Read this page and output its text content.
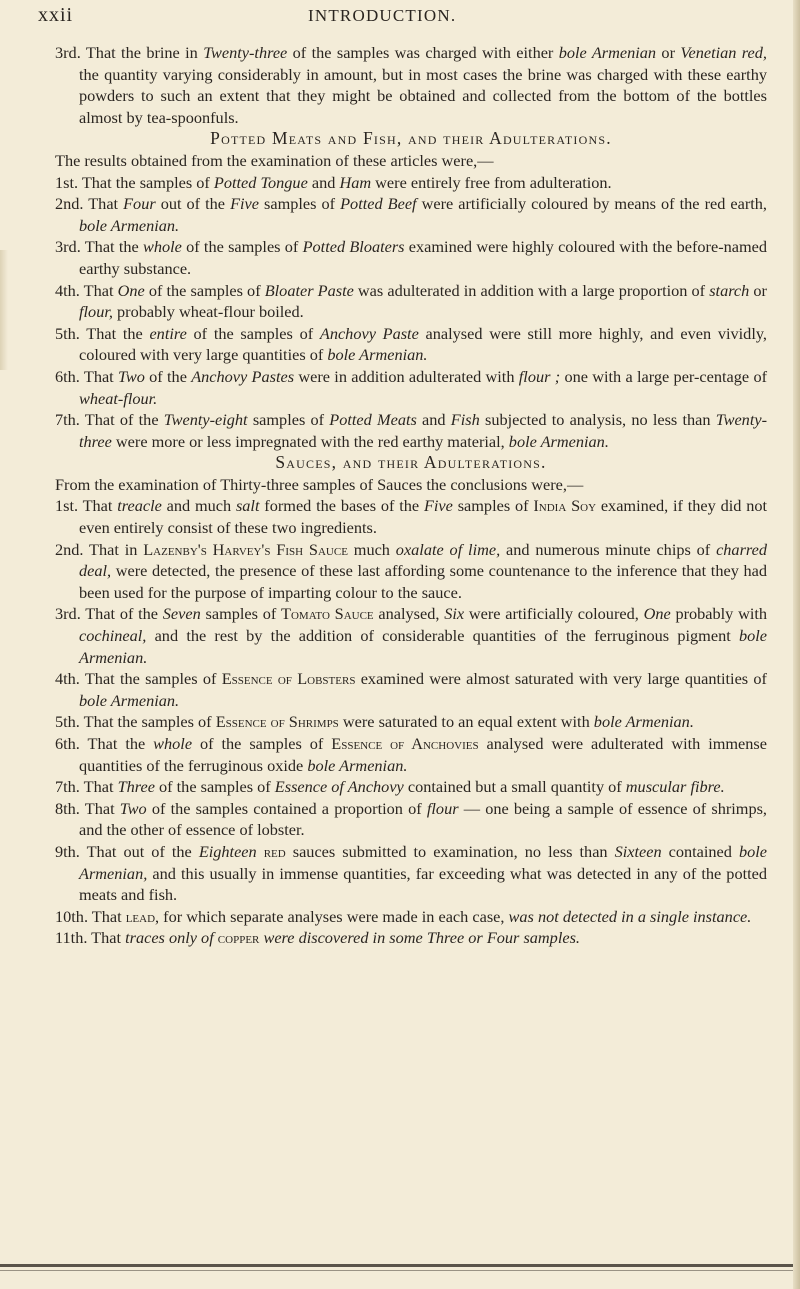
xxii	INTRODUCTION.

3rd. That the brine in Twenty-three of the samples was charged with either bole Armenian or Venetian red, the quantity varying considerably in amount, but in most cases the brine was charged with these earthy powders to such an extent that they might be obtained and collected from the bottom of the bottles almost by tea-spoonfuls.

Potted Meats and Fish, and their Adulterations.

The results obtained from the examination of these articles were,—

1st. That the samples of Potted Tongue and Ham were entirely free from adulteration.

2nd. That Four out of the Five samples of Potted Beef were artificially coloured by means of the red earth, bole Armenian.

3rd. That the whole of the samples of Potted Bloaters examined were highly coloured with the before-named earthy substance.

4th. That One of the samples of Bloater Paste was adulterated in addition with a large proportion of starch or flour, probably wheat-flour boiled.

5th. That the entire of the samples of Anchovy Paste analysed were still more highly, and even vividly, coloured with very large quantities of bole Armenian.

6th. That Two of the Anchovy Pastes were in addition adulterated with flour ; one with a large per-centage of wheat-flour.

7th. That of the Twenty-eight samples of Potted Meats and Fish subjected to analysis, no less than Twenty-three were more or less impregnated with the red earthy material, bole Armenian.

Sauces, and their Adulterations.

From the examination of Thirty-three samples of Sauces the conclusions were,—

1st. That treacle and much salt formed the bases of the Five samples of India Soy examined, if they did not even entirely consist of these two ingredients.

2nd. That in Lazenby's Harvey's Fish Sauce much oxalate of lime, and numerous minute chips of charred deal, were detected, the presence of these last affording some countenance to the inference that they had been used for the purpose of imparting colour to the sauce.

3rd. That of the Seven samples of Tomato Sauce analysed, Six were artificially coloured, One probably with cochineal, and the rest by the addition of considerable quantities of the ferruginous pigment bole Armenian.

4th. That the samples of Essence of Lobsters examined were almost saturated with very large quantities of bole Armenian.

5th. That the samples of Essence of Shrimps were saturated to an equal extent with bole Armenian.

6th. That the whole of the samples of Essence of Anchovies analysed were adulterated with immense quantities of the ferruginous oxide bole Armenian.

7th. That Three of the samples of Essence of Anchovy contained but a small quantity of muscular fibre.

8th. That Two of the samples contained a proportion of flour — one being a sample of essence of shrimps, and the other of essence of lobster.

9th. That out of the Eighteen red sauces submitted to examination, no less than Sixteen contained bole Armenian, and this usually in immense quantities, far exceeding what was detected in any of the potted meats and fish.

10th. That lead, for which separate analyses were made in each case, was not detected in a single instance.

11th. That traces only of copper were discovered in some Three or Four samples.
